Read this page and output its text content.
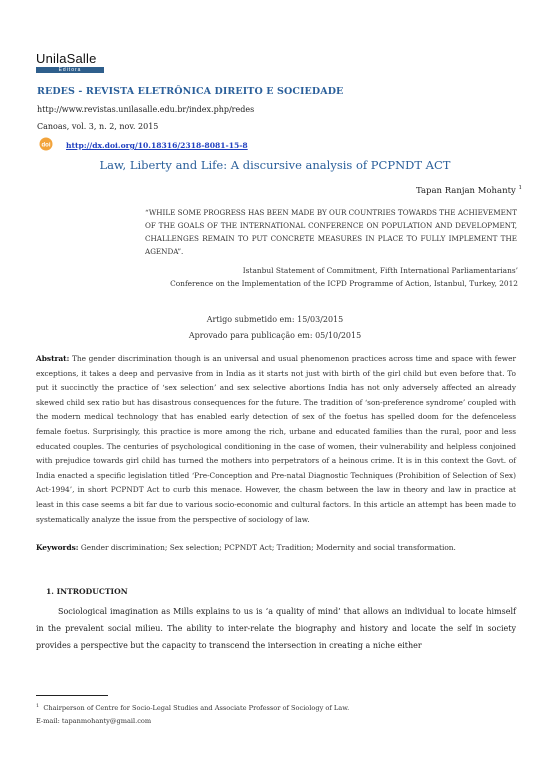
UnilaSalle
Editora
REDES - REVISTA ELETRÔNICA DIREITO E SOCIEDADE
http://www.revistas.unilasalle.edu.br/index.php/redes
Canoas, vol. 3, n. 2, nov. 2015
doi http://dx.doi.org/10.18316/2318-8081-15-8
Law, Liberty and Life: A discursive analysis of PCPNDT ACT
Tapan Ranjan Mohanty $^1$
“WHILE SOME PROGRESS HAS BEEN MADE BY OUR COUNTRIES TOWARDS THE ACHIEVEMENT OF THE GOALS OF THE INTERNATIONAL CONFERENCE ON POPULATION AND DEVELOPMENT, CHALLENGES REMAIN TO PUT CONCRETE MEASURES IN PLACE TO FULLY IMPLEMENT THE AGENDA”.
Istanbul Statement of Commitment, Fifth International Parliamentarians’
Conference on the Implementation of the ICPD Programme of Action, Istanbul, Turkey, 2012
Artigo submetido em: 15/03/2015
Aprovado para publicação em: 05/10/2015
Abstrat: The gender discrimination though is an universal and usual phenomenon practices across time and space with fewer exceptions, it takes a deep and pervasive from in India as it starts not just with birth of the girl child but even before that. To put it succinctly the practice of ‘sex selection’ and sex selective abortions India has not only adversely affected an already skewed child sex ratio but has disastrous consequences for the future. The tradition of ‘son-preference syndrome’ coupled with the modern medical technology that has enabled early detection of sex of the foetus has spelled doom for the defenceless female foetus. Surprisingly, this practice is more among the rich, urbane and educated families than the rural, poor and less educated couples. The centuries of psychological conditioning in the case of women, their vulnerability and helpless conjoined with prejudice towards girl child has turned the mothers into perpetrators of a heinous crime. It is in this context the Govt. of India enacted a specific legislation titled ‘Pre-Conception and Pre-natal Diagnostic Techniques (Prohibition of Selection of Sex) Act-1994’, in short PCPNDT Act to curb this menace. However, the chasm between the law in theory and law in practice at least in this case seems a bit far due to various socio-economic and cultural factors. In this article an attempt has been made to systematically analyze the issue from the perspective of sociology of law.
Keywords: Gender discrimination; Sex selection; PCPNDT Act; Tradition; Modernity and social transformation.
1. INTRODUCTION
Sociological imagination as Mills explains to us is ‘a quality of mind’ that allows an individual to locate himself in the prevalent social milieu. The ability to inter-relate the biography and history and locate the self in society provides a perspective but the capacity to transcend the intersection in creating a niche either
$^1$ Chairperson of Centre for Socio-Legal Studies and Associate Professor of Sociology of Law.
E-mail: tapanmohanty@gmail.com
